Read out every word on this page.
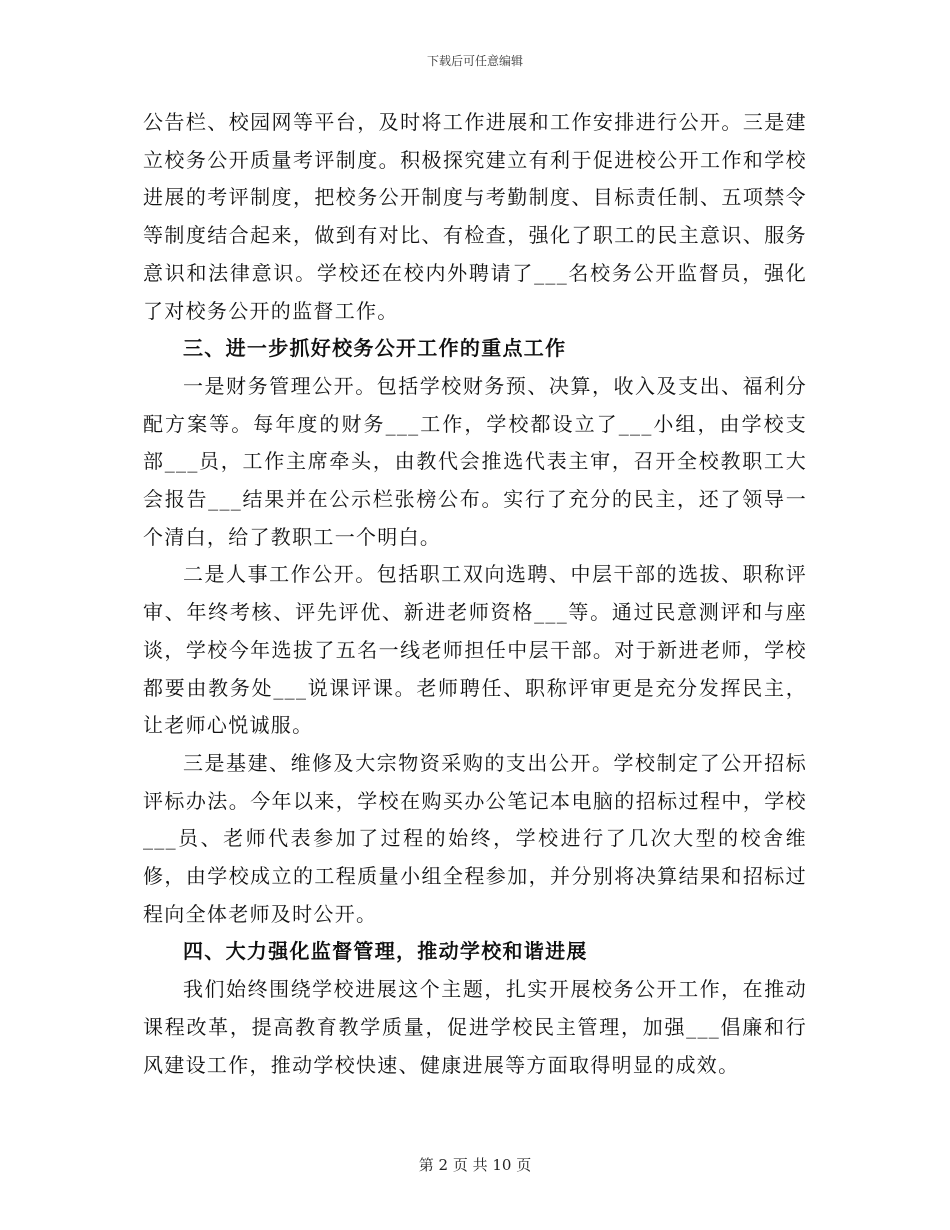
下载后可任意编辑

公告栏、校园网等平台，及时将工作进展和工作安排进行公开。三是建立校务公开质量考评制度。积极探究建立有利于促进校公开工作和学校进展的考评制度，把校务公开制度与考勤制度、目标责任制、五项禁令等制度结合起来，做到有对比、有检查，强化了职工的民主意识、服务意识和法律意识。学校还在校内外聘请了___名校务公开监督员，强化了对校务公开的监督工作。

三、进一步抓好校务公开工作的重点工作

一是财务管理公开。包括学校财务预、决算，收入及支出、福利分配方案等。每年度的财务___工作，学校都设立了___小组，由学校支部___员，工作主席牵头，由教代会推选代表主审，召开全校教职工大会报告___结果并在公示栏张榜公布。实行了充分的民主，还了领导一个清白，给了教职工一个明白。

二是人事工作公开。包括职工双向选聘、中层干部的选拔、职称评审、年终考核、评先评优、新进老师资格___等。通过民意测评和与座谈，学校今年选拔了五名一线老师担任中层干部。对于新进老师，学校都要由教务处___说课评课。老师聘任、职称评审更是充分发挥民主，让老师心悦诚服。

三是基建、维修及大宗物资采购的支出公开。学校制定了公开招标评标办法。今年以来，学校在购买办公笔记本电脑的招标过程中，学校___员、老师代表参加了过程的始终，学校进行了几次大型的校舍维修，由学校成立的工程质量小组全程参加，并分别将决算结果和招标过程向全体老师及时公开。

四、大力强化监督管理，推动学校和谐进展

我们始终围绕学校进展这个主题，扎实开展校务公开工作，在推动课程改革，提高教育教学质量，促进学校民主管理，加强___倡廉和行风建设工作，推动学校快速、健康进展等方面取得明显的成效。

第 2 页 共 10 页
